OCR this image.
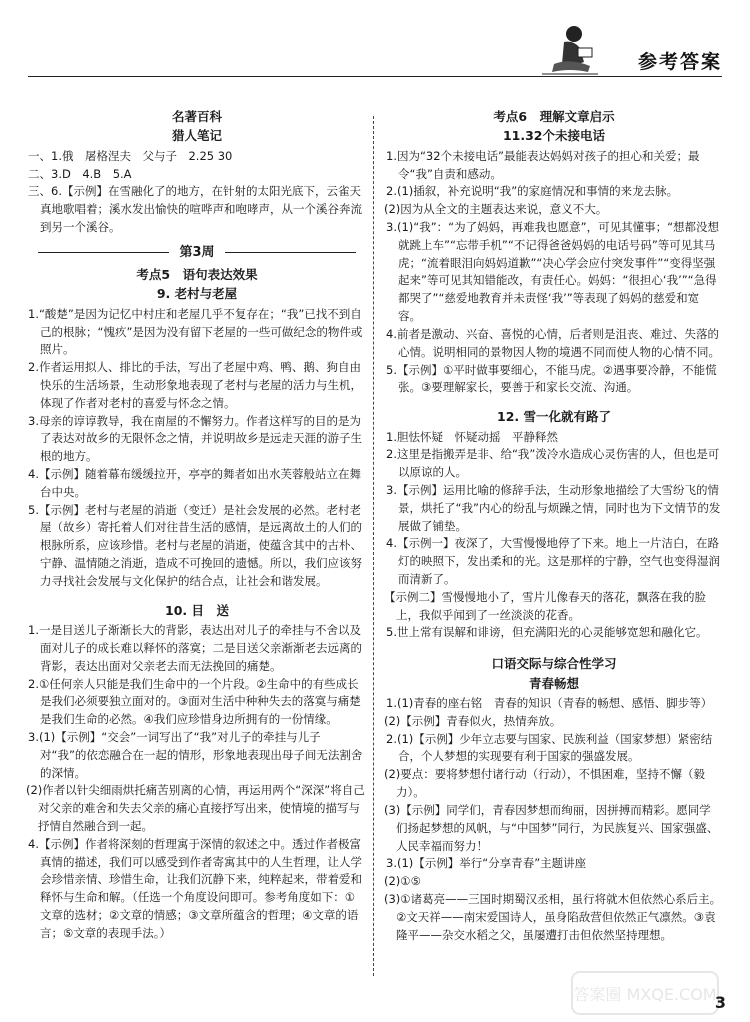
参考答案
名著百科
猎人笔记

一、1.俄　屠格涅夫　父与子　2.25 30

二、3.D　4.B　5.A

三、6.【示例】在雪融化了的地方，在针射的太阳光底下，云雀天真地歌唱着；溪水发出愉快的喧哗声和咆哮声，从一个溪谷奔流到另一个溪谷。

第3周
考点5　语句表达效果
9. 老村与老屋

1.“酸楚”是因为记忆中村庄和老屋几乎不复存在；“我”已找不到自己的根脉；“愧疚”是因为没有留下老屋的一些可做纪念的物件或照片。

2.作者运用拟人、排比的手法，写出了老屋中鸡、鸭、鹅、狗自由快乐的生活场景，生动形象地表现了老村与老屋的活力与生机，体现了作者对老村的喜爱与怀念之情。

3.母亲的谆谆教导，我在南屋的不懈努力。作者这样写的目的是为了表达对故乡的无限怀念之情，并说明故乡是远走天涯的游子生根的地方。

4.【示例】随着幕布缓缓拉开，亭亭的舞者如出水芙蓉般站立在舞台中央。

5.【示例】老村与老屋的消逝（变迁）是社会发展的必然。老村老屋（故乡）寄托着人们对往昔生活的感情，是远离故土的人们的根脉所系，应该珍惜。老村与老屋的消逝，使蕴含其中的古朴、宁静、温情随之消逝，造成不可挽回的遗憾。所以，我们应该努力寻找社会发展与文化保护的结合点，让社会和谐发展。

10. 目　送

1.一是目送儿子渐渐长大的背影，表达出对儿子的牵挂与不舍以及面对儿子的成长难以释怀的落寞；二是目送父亲渐渐老去远离的背影，表达出面对父亲老去而无法挽回的痛楚。

2.①任何亲人只能是我们生命中的一个片段。②生命中的有些成长是我们必须要独立面对的。③面对生活中种种失去的落寞与痛楚是我们生命的必然。④我们应珍惜身边所拥有的一份情缘。

3.(1)【示例】“交会”一词写出了“我”对儿子的牵挂与儿子对“我”的依恋融合在一起的情形，形象地表现出母子间无法割舍的深情。

(2)作者以针尖细雨烘托痛苦别离的心情，再运用两个“深深”将自己对父亲的难舍和失去父亲的痛心直接抒写出来，使情境的描写与抒情自然融合到一起。

4.【示例】作者将深刻的哲理寓于深情的叙述之中。透过作者极富真情的描述，我们可以感受到作者寄寓其中的人生哲理，让人学会珍惜亲情、珍惜生命，让我们沉静下来，纯粹起来，带着爱和释怀与生命和解。（任选一个角度设问即可。参考角度如下：①文章的选材；②文章的情感；③文章所蕴含的哲理；④文章的语言；⑤文章的表现手法。）

考点6　理解文章启示
11.32个未接电话

1.因为“32个未接电话”最能表达妈妈对孩子的担心和关爱；最令“我”自责和感动。

2.(1)插叙，补充说明“我”的家庭情况和事情的来龙去脉。

(2)因为从全文的主题表达来说，意义不大。

3.(1)“我”：“为了妈妈，再难我也愿意”，可见其懂事；“想都没想就跳上车”“忘带手机”“不记得爸爸妈妈的电话号码”等可见其马虎；“流着眼泪向妈妈道歉”“决心学会应付突发事件”“变得坚强起来”等可见其知错能改，有责任心。妈妈：“很担心‘我’”“急得都哭了”“慈爱地教育并未责怪‘我’”等表现了妈妈的慈爱和宽容。

4.前者是激动、兴奋、喜悦的心情，后者则是沮丧、难过、失落的心情。说明相同的景物因人物的境遇不同而使人物的心情不同。

5.【示例】①平时做事要细心，不能马虎。②遇事要冷静，不能慌张。③要理解家长，要善于和家长交流、沟通。

12. 雪一化就有路了

1.胆怯怀疑　怀疑动摇　平静释然

2.这里是指搬弄是非、给“我”泼冷水造成心灵伤害的人，但也是可以原谅的人。

3.【示例】运用比喻的修辞手法，生动形象地描绘了大雪纷飞的情景，烘托了“我”内心的纷乱与烦躁之情，同时也为下文情节的发展做了铺垫。

4.【示例一】夜深了，大雪慢慢地停了下来。地上一片洁白，在路灯的映照下，发出柔和的光。这是那样的宁静，空气也变得湿润而清新了。

【示例二】雪慢慢地小了，雪片儿像春天的落花，飘落在我的脸上，我似乎闻到了一丝淡淡的花香。

5.世上常有误解和诽谤，但充满阳光的心灵能够宽恕和融化它。

口语交际与综合性学习
青春畅想

1.(1)青春的座右铭　青春的知识（青春的畅想、感悟、脚步等）

(2)【示例】青春似火，热情奔放。

2.(1)【示例】少年立志要与国家、民族利益（国家梦想）紧密结合，个人梦想的实现要有利于国家的强盛发展。

(2)要点：要将梦想付诸行动（行动），不惧困难，坚持不懈（毅力）。

(3)【示例】同学们，青春因梦想而绚丽，因拼搏而精彩。愿同学们扬起梦想的风帆，与“中国梦”同行，为民族复兴、国家强盛、人民幸福而努力！

3.(1)【示例】举行“分享青春”主题讲座

(2)①⑤

(3)①诸葛亮——三国时期蜀汉丞相，虽行将就木但依然心系后主。②文天祥——南宋爱国诗人，虽身陷敌营但依然正气凛然。③袁隆平——杂交水稻之父，虽屡遭打击但依然坚持理想。

答案圈 MXQE.COM
3
